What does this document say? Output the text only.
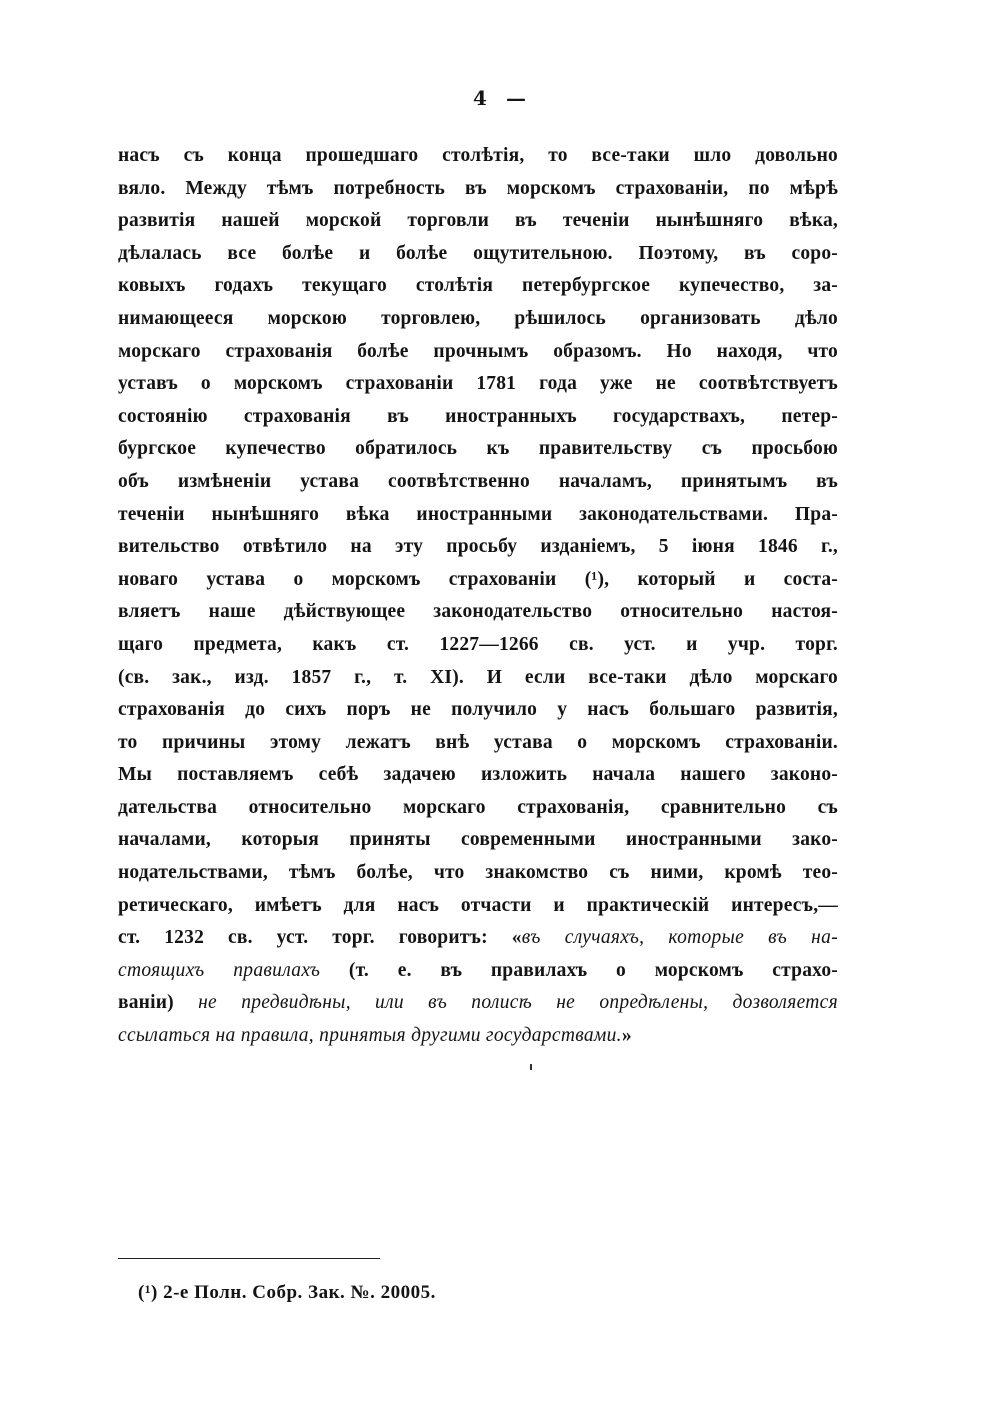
4 —
насъ съ конца прошедшаго столѣтія, то все-таки шло довольно
вяло. Между тѣмъ потребность въ морскомъ страхованіи, по мѣрѣ
развитія нашей морской торговли въ теченіи нынѣшняго вѣка,
дѣлалась все болѣе и болѣе ощутительною. Поэтому, въ соро-
ковыхъ годахъ текущаго столѣтія петербургское купечество, за-
нимающееся морскою торговлею, рѣшилось организовать дѣло
морскаго страхованія болѣе прочнымъ образомъ. Но находя, что
уставъ о морскомъ страхованіи 1781 года уже не соотвѣтствуетъ
состоянію страхованія въ иностранныхъ государствахъ, петер-
бургское купечество обратилось къ правительству съ просьбою
объ измѣненіи устава соотвѣтственно началамъ, принятымъ въ
теченіи нынѣшняго вѣка иностранными законодательствами. Пра-
вительство отвѣтило на эту просьбу изданіемъ, 5 іюня 1846 г.,
новаго устава о морскомъ страхованіи (¹), который и соста-
вляетъ наше дѣйствующее законодательство относительно настоя-
щаго предмета, какъ ст. 1227—1266 св. уст. и учр. торг.
(св. зак., изд. 1857 г., т. XI). И если все-таки дѣло морскаго
страхованія до сихъ поръ не получило у насъ большаго развитія,
то причины этому лежатъ внѣ устава о морскомъ страхованіи.
Мы поставляемъ себѣ задачею изложить начала нашего законо-
дательства относительно морскаго страхованія, сравнительно съ
началами, которыя приняты современными иностранными зако-
нодательствами, тѣмъ болѣе, что знакомство съ ними, кромѣ тео-
ретическаго, имѣетъ для насъ отчасти и практическій интересъ,—
ст. 1232 св. уст. торг. говоритъ: «въ случаяхъ, которые въ на-
стоящихъ правилахъ (т. е. въ правилахъ о морскомъ страхо-
ваніи) не предвидѣны, или въ полисѣ не опредѣлены, дозволяется
ссылаться на правила, принятыя другими государствами.»
(¹) 2-е Полн. Собр. Зак. №. 20005.
